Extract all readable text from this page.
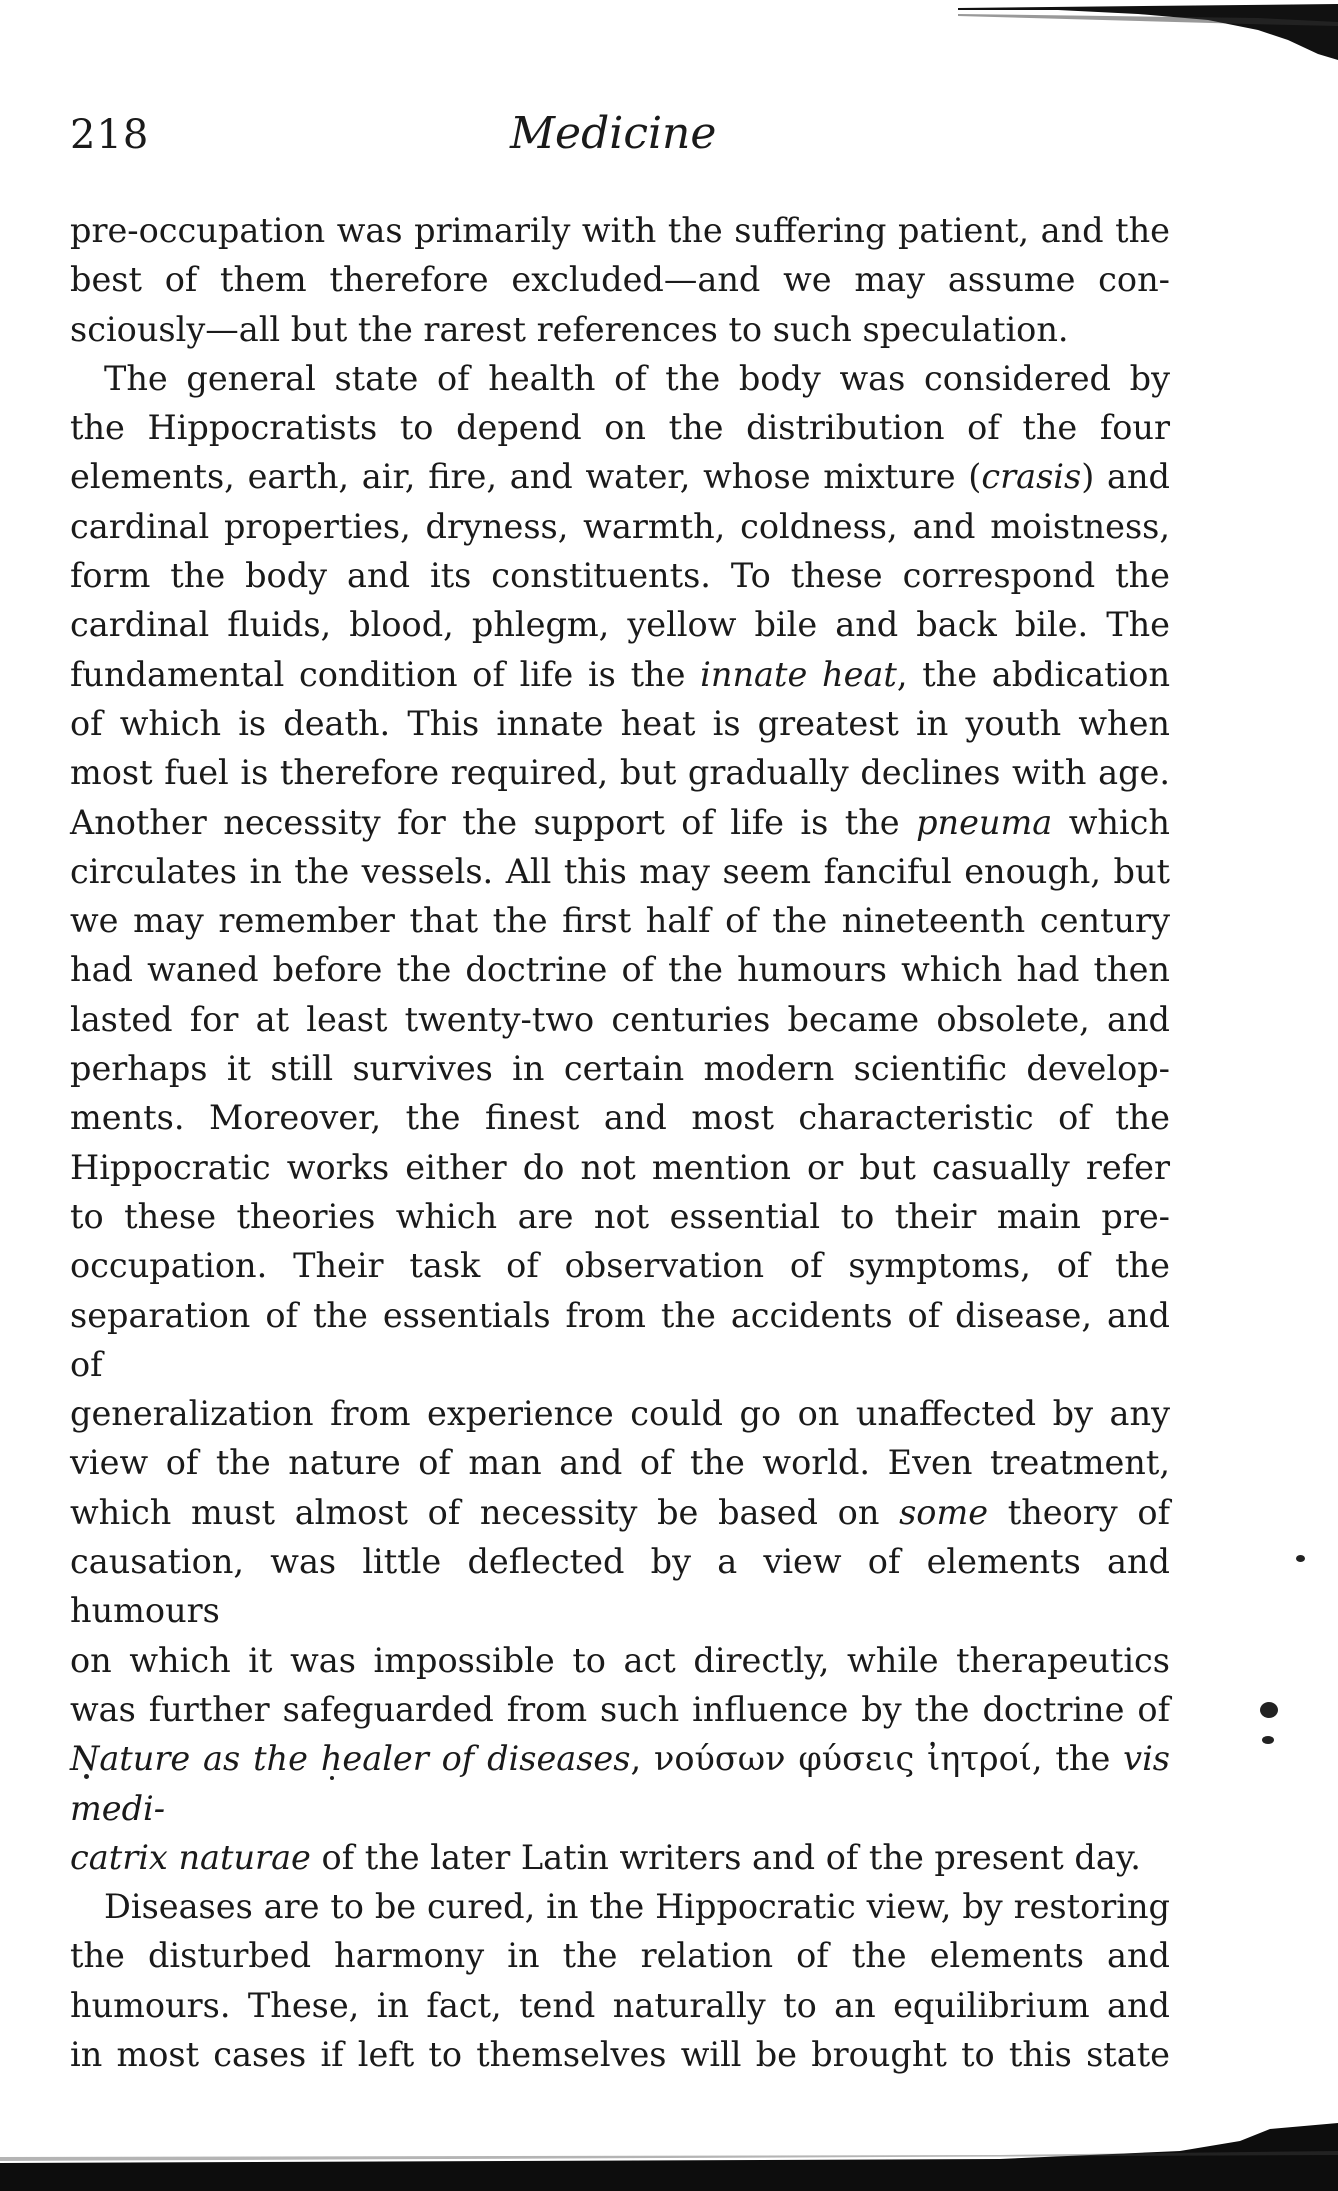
218	Medicine
pre-occupation was primarily with the suffering patient, and the
best of them therefore excluded—and we may assume con-
sciously—all but the rarest references to such speculation.
The general state of health of the body was considered by
the Hippocratists to depend on the distribution of the four
elements, earth, air, fire, and water, whose mixture (crasis) and
cardinal properties, dryness, warmth, coldness, and moistness,
form the body and its constituents. To these correspond the
cardinal fluids, blood, phlegm, yellow bile and back bile. The
fundamental condition of life is the innate heat, the abdication
of which is death. This innate heat is greatest in youth when
most fuel is therefore required, but gradually declines with age.
Another necessity for the support of life is the pneuma which
circulates in the vessels. All this may seem fanciful enough, but
we may remember that the first half of the nineteenth century
had waned before the doctrine of the humours which had then
lasted for at least twenty-two centuries became obsolete, and
perhaps it still survives in certain modern scientific develop-
ments. Moreover, the finest and most characteristic of the
Hippocratic works either do not mention or but casually refer
to these theories which are not essential to their main pre-
occupation. Their task of observation of symptoms, of the
separation of the essentials from the accidents of disease, and of
generalization from experience could go on unaffected by any
view of the nature of man and of the world. Even treatment,
which must almost of necessity be based on some theory of
causation, was little deflected by a view of elements and humours
on which it was impossible to act directly, while therapeutics
was further safeguarded from such influence by the doctrine of
Nature as the healer of diseases, νούσων φύσεις ἰητροί, the vis medi-
catrix naturae of the later Latin writers and of the present day.
Diseases are to be cured, in the Hippocratic view, by restoring
the disturbed harmony in the relation of the elements and
humours. These, in fact, tend naturally to an equilibrium and
in most cases if left to themselves will be brought to this state
